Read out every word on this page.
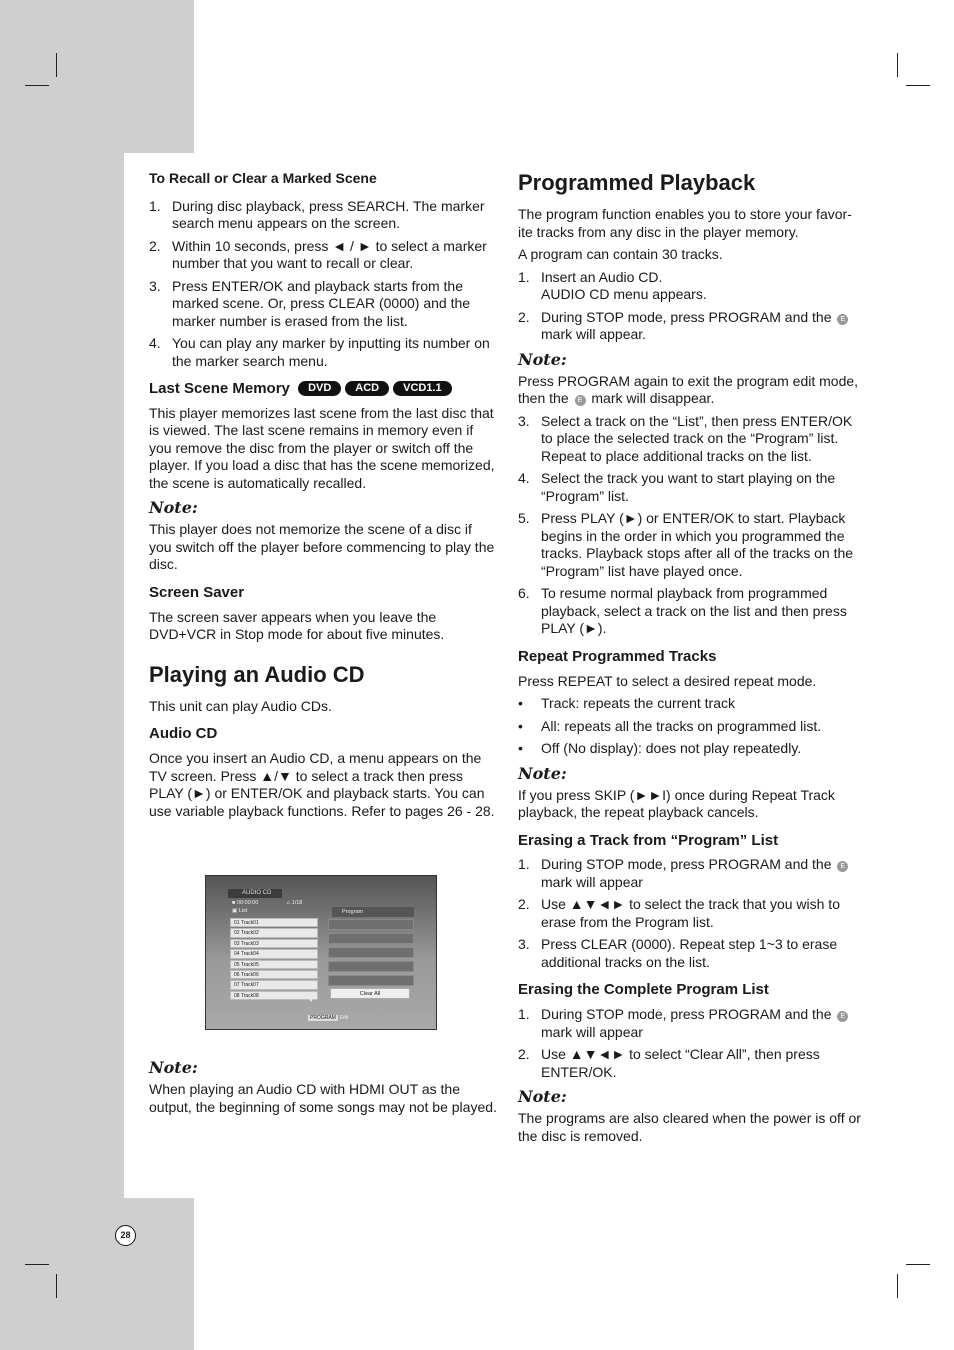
To Recall or Clear a Marked Scene
1. During disc playback, press SEARCH. The marker search menu appears on the screen.
2. Within 10 seconds, press ◄ / ► to select a marker number that you want to recall or clear.
3. Press ENTER/OK and playback starts from the marked scene. Or, press CLEAR (0000) and the marker number is erased from the list.
4. You can play any marker by inputting its number on the marker search menu.
Last Scene Memory DVD ACD VCD1.1

This player memorizes last scene from the last disc that is viewed. The last scene remains in memory even if you remove the disc from the player or switch off the player. If you load a disc that has the scene memorized, the scene is automatically recalled.

Note:

This player does not memorize the scene of a disc if you switch off the player before commencing to play the disc.

Screen Saver

The screen saver appears when you leave the DVD+VCR in Stop mode for about five minutes.

Playing an Audio CD

This unit can play Audio CDs.

Audio CD

Once you insert an Audio CD, a menu appears on the TV screen. Press ▲/▼ to select a track then press PLAY (►) or ENTER/OK and playback starts. You can use variable playback functions. Refer to pages 26 - 28.

AUDIO CD
■ 00:00:00	♫ 1/18
▣ List	Program
01 Track01
02 Track02
03 Track03
04 Track04
05 Track05
06 Track06
07 Track07
08 Track08
▼
Clear All
PROGRAM Edit
Note:

When playing an Audio CD with HDMI OUT as the output, the beginning of some songs may not be played.

Programmed Playback

The program function enables you to store your favor-ite tracks from any disc in the player memory.

A program can contain 30 tracks.

1. Insert an Audio CD.
AUDIO CD menu appears.
2. During STOP mode, press PROGRAM and the E mark will appear.
Note:

Press PROGRAM again to exit the program edit mode, then the E mark will disappear.

3. Select a track on the “List”, then press ENTER/OK to place the selected track on the “Program” list. Repeat to place additional tracks on the list.
4. Select the track you want to start playing on the “Program” list.
5. Press PLAY (►) or ENTER/OK to start. Playback begins in the order in which you programmed the tracks. Playback stops after all of the tracks on the “Program” list have played once.
6. To resume normal playback from programmed playback, select a track on the list and then press PLAY (►).
Repeat Programmed Tracks

Press REPEAT to select a desired repeat mode.

• Track: repeats the current track
• All: repeats all the tracks on programmed list.
• Off (No display): does not play repeatedly.
Note:

If you press SKIP (►►I) once during Repeat Track playback, the repeat playback cancels.

Erasing a Track from “Program” List
1. During STOP mode, press PROGRAM and the E mark will appear
2. Use ▲▼◄► to select the track that you wish to erase from the Program list.
3. Press CLEAR (0000). Repeat step 1~3 to erase additional tracks on the list.
Erasing the Complete Program List
1. During STOP mode, press PROGRAM and the E mark will appear
2. Use ▲▼◄► to select “Clear All”, then press ENTER/OK.
Note:

The programs are also cleared when the power is off or the disc is removed.

28
